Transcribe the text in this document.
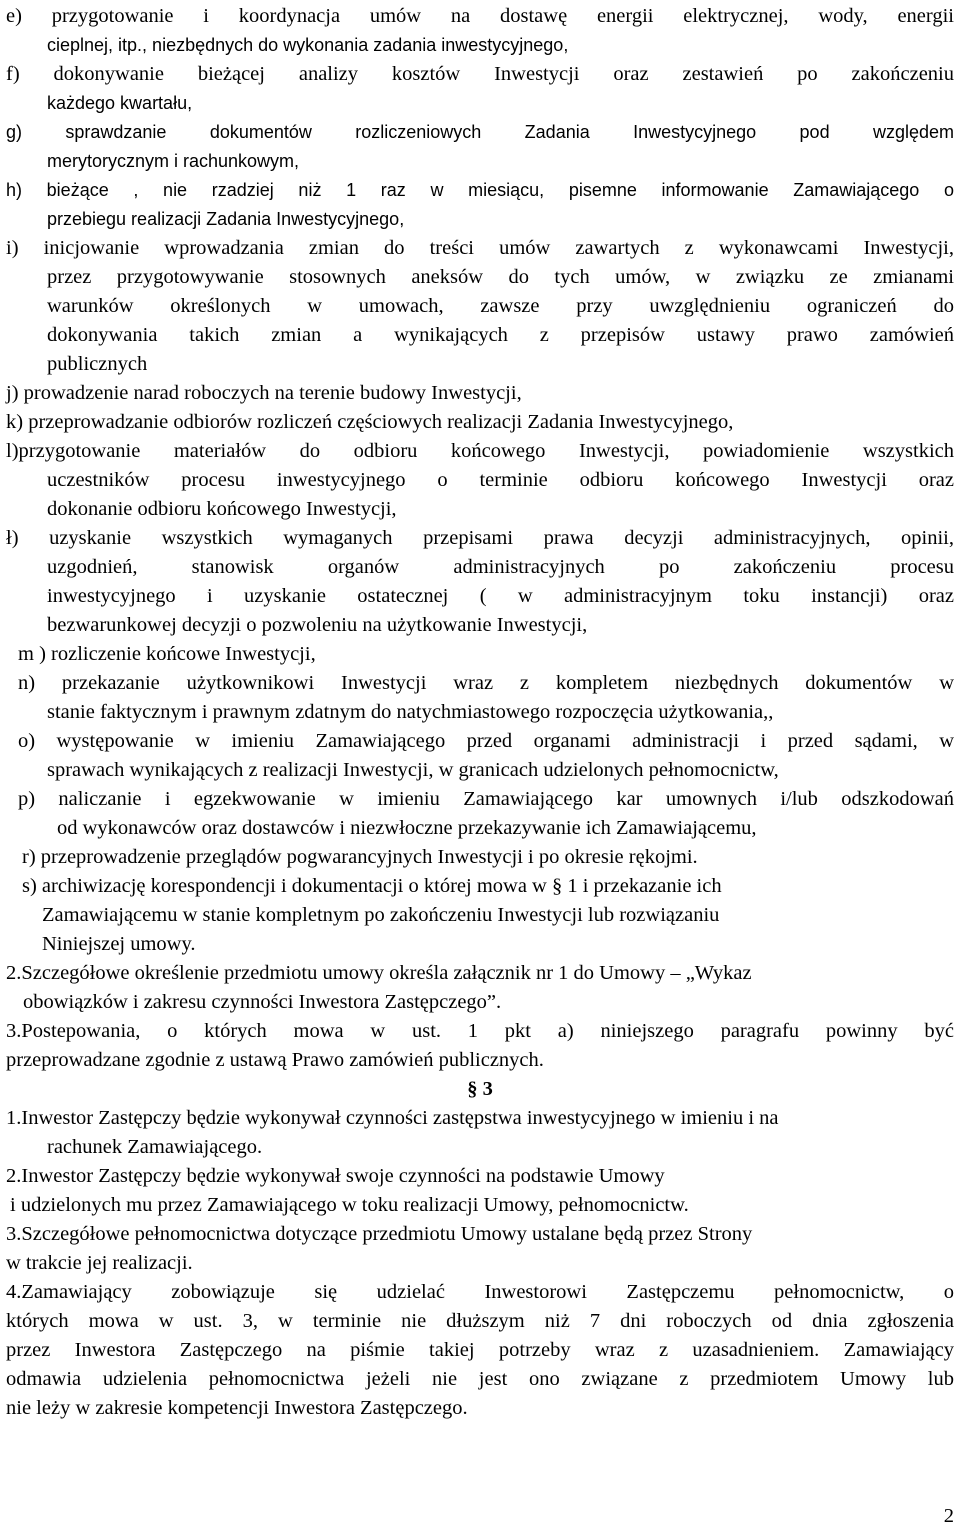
e) przygotowanie i koordynacja umów na dostawę energii elektrycznej, wody, energii
cieplnej, itp., niezbędnych do wykonania zadania inwestycyjnego,
f) dokonywanie bieżącej analizy kosztów Inwestycji oraz zestawień po zakończeniu
każdego kwartału,
g) sprawdzanie dokumentów rozliczeniowych Zadania Inwestycyjnego pod względem
merytorycznym i rachunkowym,
h) bieżące , nie rzadziej niż 1 raz w miesiącu, pisemne informowanie Zamawiającego o
przebiegu realizacji Zadania Inwestycyjnego,
i) inicjowanie wprowadzania zmian do treści umów zawartych z wykonawcami Inwestycji,
przez przygotowywanie stosownych aneksów do tych umów, w związku ze zmianami
warunków określonych w umowach, zawsze przy uwzględnieniu ograniczeń do
dokonywania takich zmian a wynikających z przepisów ustawy prawo zamówień
publicznych
j) prowadzenie narad roboczych na terenie budowy Inwestycji,
k) przeprowadzanie odbiorów rozliczeń częściowych realizacji Zadania Inwestycyjnego,
l)przygotowanie materiałów do odbioru końcowego Inwestycji, powiadomienie wszystkich
uczestników procesu inwestycyjnego o terminie odbioru końcowego Inwestycji oraz
dokonanie odbioru końcowego Inwestycji,
ł) uzyskanie wszystkich wymaganych przepisami prawa decyzji administracyjnych, opinii,
uzgodnień, stanowisk organów administracyjnych po zakończeniu procesu
inwestycyjnego i uzyskanie ostatecznej ( w administracyjnym toku instancji) oraz
bezwarunkowej decyzji o pozwoleniu na użytkowanie Inwestycji,
m ) rozliczenie końcowe Inwestycji,
n) przekazanie użytkownikowi Inwestycji wraz z kompletem niezbędnych dokumentów w
stanie faktycznym i prawnym zdatnym do natychmiastowego rozpoczęcia użytkowania,,
o) występowanie w imieniu Zamawiającego przed organami administracji i przed sądami, w
sprawach wynikających z realizacji Inwestycji, w granicach udzielonych pełnomocnictw,
p) naliczanie i egzekwowanie w imieniu Zamawiającego kar umownych i/lub odszkodowań
od wykonawców oraz dostawców i niezwłoczne przekazywanie ich Zamawiającemu,
r) przeprowadzenie przeglądów pogwarancyjnych Inwestycji i po okresie rękojmi.
s) archiwizację korespondencji i dokumentacji o której mowa w § 1 i przekazanie ich
Zamawiającemu w stanie kompletnym po zakończeniu Inwestycji lub rozwiązaniu
Niniejszej umowy.
2.Szczegółowe określenie przedmiotu umowy określa załącznik nr 1 do Umowy – „Wykaz
obowiązków i zakresu czynności Inwestora Zastępczego”.
3.Postepowania, o których mowa w ust. 1 pkt a) niniejszego paragrafu powinny być
przeprowadzane zgodnie z ustawą Prawo zamówień publicznych.
§ 3
1.Inwestor Zastępczy będzie wykonywał czynności zastępstwa inwestycyjnego w imieniu i na
rachunek Zamawiającego.
2.Inwestor Zastępczy będzie wykonywał swoje czynności na podstawie Umowy
i udzielonych mu przez Zamawiającego w toku realizacji Umowy, pełnomocnictw.
3.Szczegółowe pełnomocnictwa dotyczące przedmiotu Umowy ustalane będą przez Strony
w trakcie jej realizacji.
4.Zamawiający zobowiązuje się udzielać Inwestorowi Zastępczemu pełnomocnictw, o
których mowa w ust. 3, w terminie nie dłuższym niż 7 dni roboczych od dnia zgłoszenia
przez Inwestora Zastępczego na piśmie takiej potrzeby wraz z uzasadnieniem. Zamawiający
odmawia udzielenia pełnomocnictwa jeżeli nie jest ono związane z przedmiotem Umowy lub
nie leży w zakresie kompetencji Inwestora Zastępczego.
2
